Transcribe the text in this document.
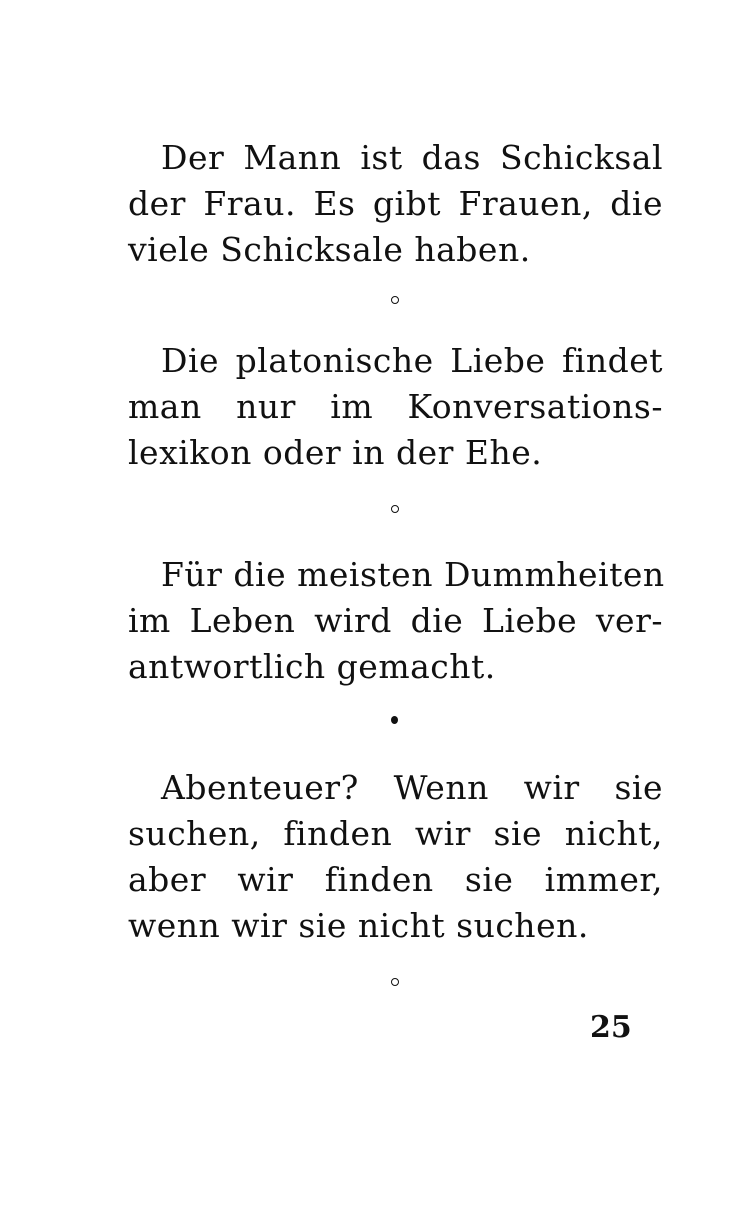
Der Mann ist das Schicksal
der Frau. Es gibt Frauen, die
viele Schicksale haben.
Die platonische Liebe findet
man nur im Konversations-
lexikon oder in der Ehe.
Für die meisten Dummheiten
im Leben wird die Liebe ver-
antwortlich gemacht.
Abenteuer? Wenn wir sie
suchen, finden wir sie nicht,
aber wir finden sie immer,
wenn wir sie nicht suchen.
25
